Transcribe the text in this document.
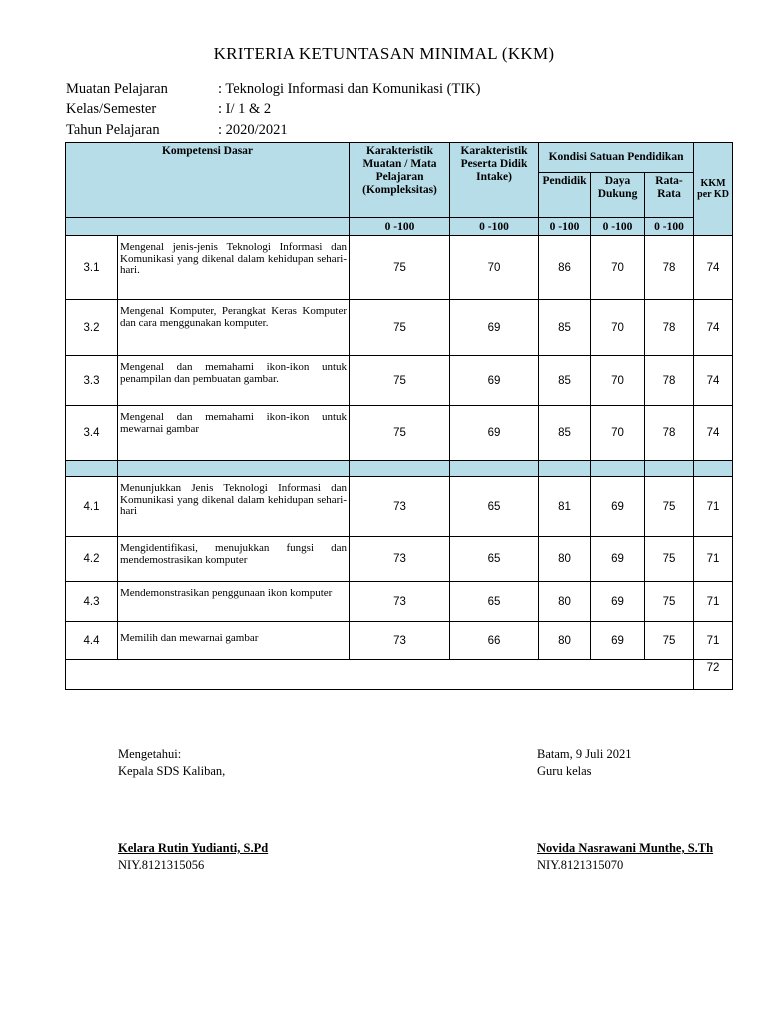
KRITERIA KETUNTASAN MINIMAL (KKM)
Muatan Pelajaran	: Teknologi Informasi dan Komunikasi (TIK)
Kelas/Semester	: I/ 1 & 2
Tahun Pelajaran	: 2020/2021
Kompetensi Dasar		Karakteristik Muatan / Mata Pelajaran (Kompleksitas)	Karakteristik Peserta Didik Intake)	Kondisi Satuan Pendidikan			KKM per KD
				Pendidik	Daya Dukung	Rata-Rata	
		0 -100	0 -100	0 -100	0 -100	0 -100	
3.1	Mengenal jenis-jenis Teknologi Informasi dan Komunikasi yang dikenal dalam kehidupan sehari-hari.	75	70	86	70	78	74
3.2	Mengenal Komputer, Perangkat Keras Komputer dan cara menggunakan komputer.	75	69	85	70	78	74
3.3	Mengenal dan memahami ikon-ikon untuk penampilan dan pembuatan gambar.	75	69	85	70	78	74
3.4	Mengenal dan memahami ikon-ikon untuk mewarnai gambar	75	69	85	70	78	74

4.1	Menunjukkan Jenis Teknologi Informasi dan Komunikasi yang dikenal dalam kehidupan sehari-hari	73	65	81	69	75	71
4.2	Mengidentifikasi, menujukkan fungsi dan mendemostrasikan komputer	73	65	80	69	75	71
4.3	Mendemonstrasikan penggunaan ikon komputer	73	65	80	69	75	71
4.4	Memilih dan mewarnai gambar	73	66	80	69	75	71
							72
Mengetahui:
Kepala SDS Kaliban,
Kelara Rutin Yudianti, S.Pd
NIY.8121315056
Batam, 9 Juli 2021
Guru kelas
Novida Nasrawani Munthe, S.Th
NIY.8121315070
